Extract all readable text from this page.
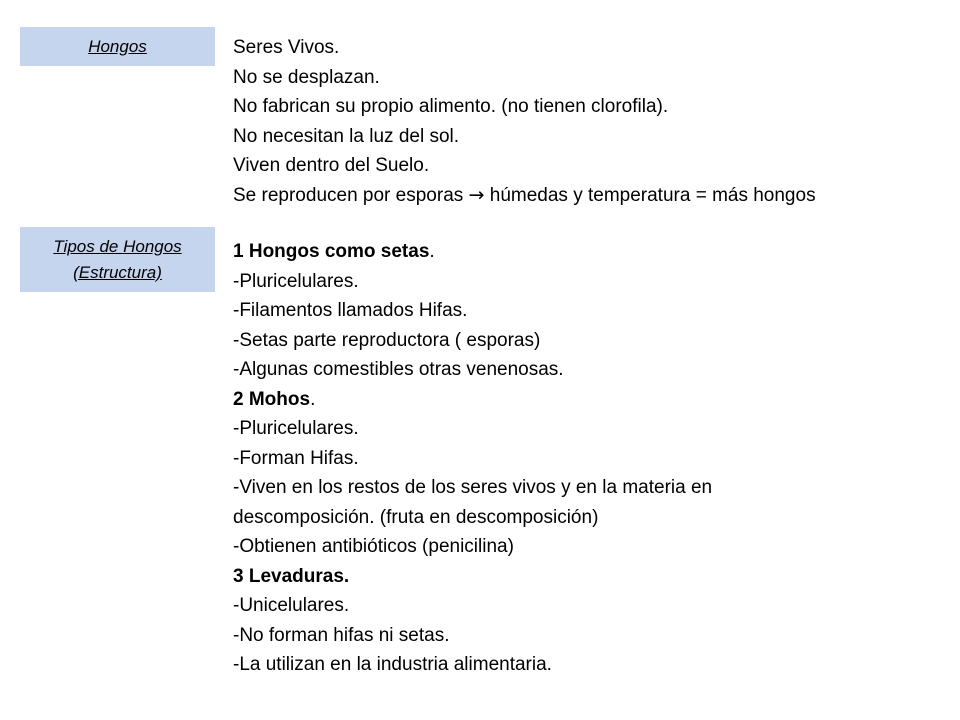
Hongos	Seres Vivos.
No se desplazan.
No fabrican su propio alimento. (no tienen clorofila).
No necesitan la luz del sol.
Viven dentro del Suelo.
Se reproducen por esporas → húmedas y temperatura = más hongos
Tipos de Hongos
(Estructura)
1 Hongos como setas.
-Pluricelulares.
-Filamentos llamados Hifas.
-Setas parte reproductora ( esporas)
-Algunas comestibles otras venenosas.
2 Mohos.
-Pluricelulares.
-Forman Hifas.
-Viven en los restos de los seres vivos y en la materia en
descomposición. (fruta en descomposición)
-Obtienen antibióticos (penicilina)
3 Levaduras.
-Unicelulares.
-No forman hifas ni setas.
-La utilizan en la industria alimentaria.
